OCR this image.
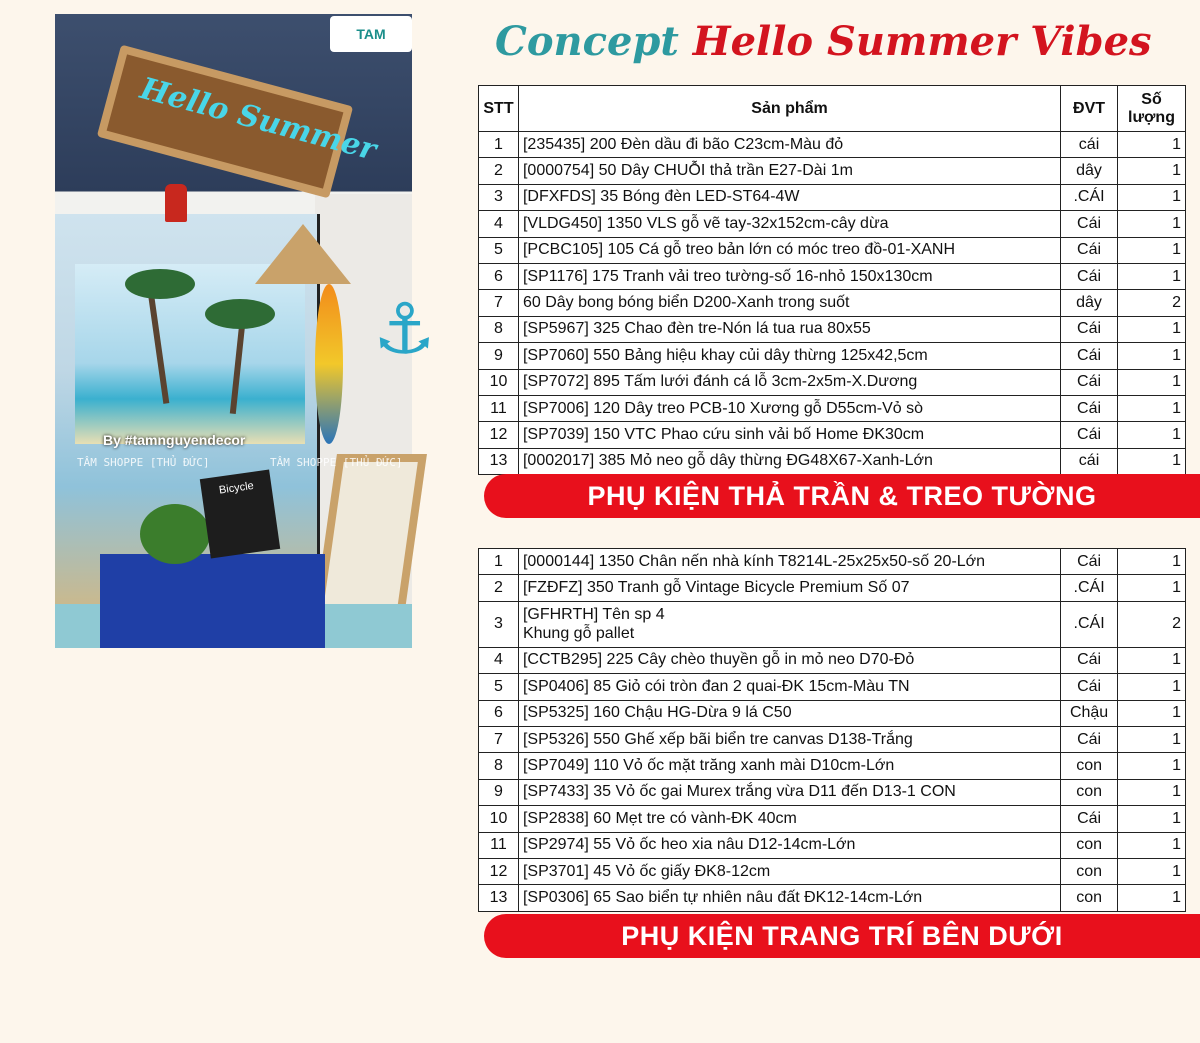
Hello Summer
⚓
Bicycle
TAM
By #tamnguyendecor
TÂM SHOPPE [THỦ ĐỨC]	TÂM SHOPPE [THỦ ĐỨC]
Concept Hello Summer Vibes
STT	Sản phẩm	ĐVT	Số lượng
1	[235435] 200 Đèn dầu đi bão C23cm-Màu đỏ	cái	1
2	[0000754] 50 Dây CHUỖI thả trần E27-Dài 1m	dây	1
3	[DFXFDS] 35 Bóng đèn LED-ST64-4W	.CÁI	1
4	[VLDG450] 1350 VLS gỗ vẽ tay-32x152cm-cây dừa	Cái	1
5	[PCBC105] 105 Cá gỗ treo bản lớn có móc treo đồ-01-XANH	Cái	1
6	[SP1176] 175 Tranh vải treo tường-số 16-nhỏ 150x130cm	Cái	1
7	60 Dây bong bóng biển D200-Xanh trong suốt	dây	2
8	[SP5967] 325 Chao đèn tre-Nón lá tua rua 80x55	Cái	1
9	[SP7060] 550 Bảng hiệu khay củi dây thừng 125x42,5cm	Cái	1
10	[SP7072] 895 Tấm lưới đánh cá lỗ 3cm-2x5m-X.Dương	Cái	1
11	[SP7006] 120 Dây treo PCB-10 Xương gỗ D55cm-Vỏ sò	Cái	1
12	[SP7039] 150 VTC Phao cứu sinh vải bố Home ĐK30cm	Cái	1
13	[0002017] 385 Mỏ neo gỗ dây thừng ĐG48X67-Xanh-Lớn	cái	1
PHỤ KIỆN THẢ TRẦN & TREO TƯỜNG
1	[0000144] 1350 Chân nến nhà kính T8214L-25x25x50-số 20-Lớn	Cái	1
2	[FZĐFZ] 350 Tranh gỗ Vintage Bicycle Premium Số 07	.CÁI	1
3	[GFHRTH] Tên sp 4
Khung gỗ pallet	.CÁI	2
4	[CCTB295] 225 Cây chèo thuyền gỗ in mỏ neo D70-Đỏ	Cái	1
5	[SP0406] 85 Giỏ cói tròn đan 2 quai-ĐK 15cm-Màu TN	Cái	1
6	[SP5325] 160 Chậu HG-Dừa 9 lá C50	Chậu	1
7	[SP5326] 550 Ghế xếp bãi biển tre canvas D138-Trắng	Cái	1
8	[SP7049] 110 Vỏ ốc mặt trăng xanh mài D10cm-Lớn	con	1
9	[SP7433] 35 Vỏ ốc gai Murex trắng vừa D11 đến D13-1 CON	con	1
10	[SP2838] 60 Mẹt tre có vành-ĐK 40cm	Cái	1
11	[SP2974] 55 Vỏ ốc heo xia nâu D12-14cm-Lớn	con	1
12	[SP3701] 45 Vỏ ốc giấy ĐK8-12cm	con	1
13	[SP0306] 65 Sao biển tự nhiên nâu đất ĐK12-14cm-Lớn	con	1
PHỤ KIỆN TRANG TRÍ BÊN DƯỚI
